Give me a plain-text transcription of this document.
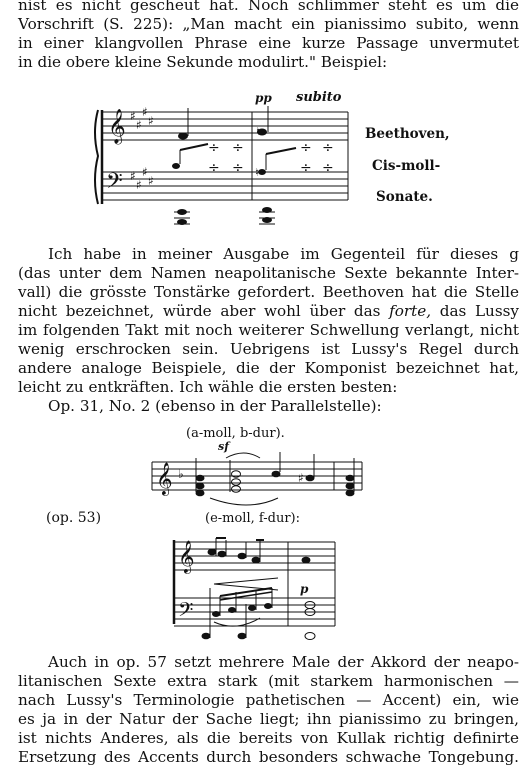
nist es nicht gescheut hat. Noch schlimmer steht es um die
Vorschrift (S. 225): „Man macht ein pianissimo subito, wenn
in einer klangvollen Phrase eine kurze Passage unvermutet
in die obere kleine Sekunde modulirt." Beispiel:
𝄞
𝄢
♯
♯
♯
♯
♯
♯
♯
♯
♮
♮
÷ ÷	÷ ÷
÷ ÷	÷ ÷
pp subito
Beethoven,
Cis-moll-
Sonate.
Ich habe in meiner Ausgabe im Gegenteil für dieses g
(das unter dem Namen neapolitanische Sexte bekannte Inter-
vall) die grösste Tonstärke gefordert. Beethoven hat die Stelle
nicht bezeichnet, würde aber wohl über das forte, das Lussy
im folgenden Takt mit noch weiterer Schwellung verlangt, nicht
wenig erschrocken sein. Uebrigens ist Lussy's Regel durch
andere analoge Beispiele, die der Komponist bezeichnet hat,
leicht zu entkräften. Ich wähle die ersten besten:
Op. 31, No. 2 (ebenso in der Parallelstelle):
(a-moll, b-dur).
sf
𝄞 ♭	♯
(op. 53)	(e-moll, f-dur):
𝄞
𝄢
p
Auch in op. 57 setzt mehrere Male der Akkord der neapo-
litanischen Sexte extra stark (mit starkem harmonischen —
nach Lussy's Terminologie pathetischen — Accent) ein, wie
es ja in der Natur der Sache liegt; ihn pianissimo zu bringen,
ist nichts Anderes, als die bereits von Kullak richtig definirte
Ersetzung des Accents durch besonders schwache Tongebung.
